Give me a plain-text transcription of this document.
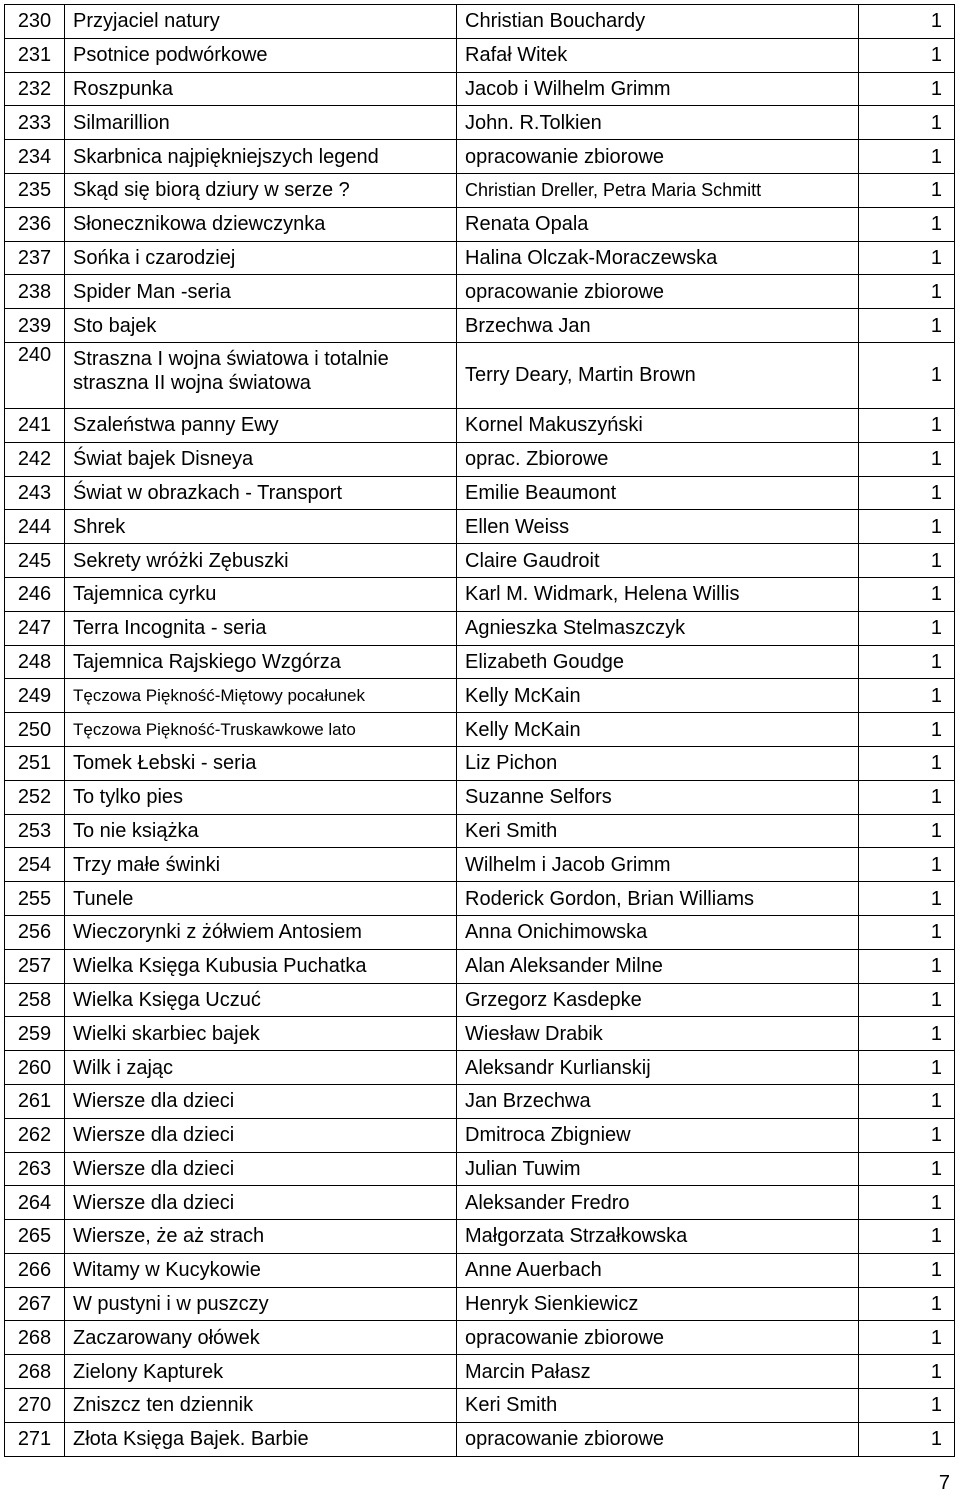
230	Przyjaciel natury	Christian Bouchardy	1
231	Psotnice podwórkowe	Rafał Witek	1
232	Roszpunka	Jacob i Wilhelm Grimm	1
233	Silmarillion	John. R.Tolkien	1
234	Skarbnica najpiękniejszych legend	opracowanie zbiorowe	1
235	Skąd się biorą dziury w serze ?	Christian Dreller, Petra Maria Schmitt	1
236	Słonecznikowa dziewczynka	Renata Opala	1
237	Sońka i czarodziej	Halina Olczak-Moraczewska	1
238	Spider Man -seria	opracowanie zbiorowe	1
239	Sto bajek	Brzechwa Jan	1
240	Straszna I wojna światowa i totalnie straszna II wojna światowa	Terry Deary, Martin Brown	1
241	Szaleństwa panny Ewy	Kornel Makuszyński	1
242	Świat bajek Disneya	oprac. Zbiorowe	1
243	Świat w obrazkach - Transport	Emilie Beaumont	1
244	Shrek	Ellen Weiss	1
245	Sekrety wróżki Zębuszki	Claire Gaudroit	1
246	Tajemnica cyrku	Karl M. Widmark, Helena Willis	1
247	Terra Incognita - seria	Agnieszka Stelmaszczyk	1
248	Tajemnica Rajskiego Wzgórza	Elizabeth Goudge	1
249	Tęczowa Piękność-Miętowy pocałunek	Kelly McKain	1
250	Tęczowa Piękność-Truskawkowe lato	Kelly McKain	1
251	Tomek Łebski - seria	Liz Pichon	1
252	To tylko pies	Suzanne Selfors	1
253	To nie książka	Keri Smith	1
254	Trzy małe świnki	Wilhelm i Jacob Grimm	1
255	Tunele	Roderick Gordon, Brian Williams	1
256	Wieczorynki z żółwiem Antosiem	Anna Onichimowska	1
257	Wielka Księga Kubusia Puchatka	Alan Aleksander Milne	1
258	Wielka Księga Uczuć	Grzegorz Kasdepke	1
259	Wielki skarbiec bajek	Wiesław Drabik	1
260	Wilk i zając	Aleksandr Kurlianskij	1
261	Wiersze dla dzieci	Jan Brzechwa	1
262	Wiersze dla dzieci	Dmitroca Zbigniew	1
263	Wiersze dla dzieci	Julian Tuwim	1
264	Wiersze dla dzieci	Aleksander Fredro	1
265	Wiersze, że aż strach	Małgorzata Strzałkowska	1
266	Witamy w Kucykowie	Anne Auerbach	1
267	W pustyni i w puszczy	Henryk Sienkiewicz	1
268	Zaczarowany ołówek	opracowanie zbiorowe	1
268	Zielony Kapturek	Marcin Pałasz	1
270	Zniszcz ten dziennik	Keri Smith	1
271	Złota Księga Bajek. Barbie	opracowanie zbiorowe	1
7
